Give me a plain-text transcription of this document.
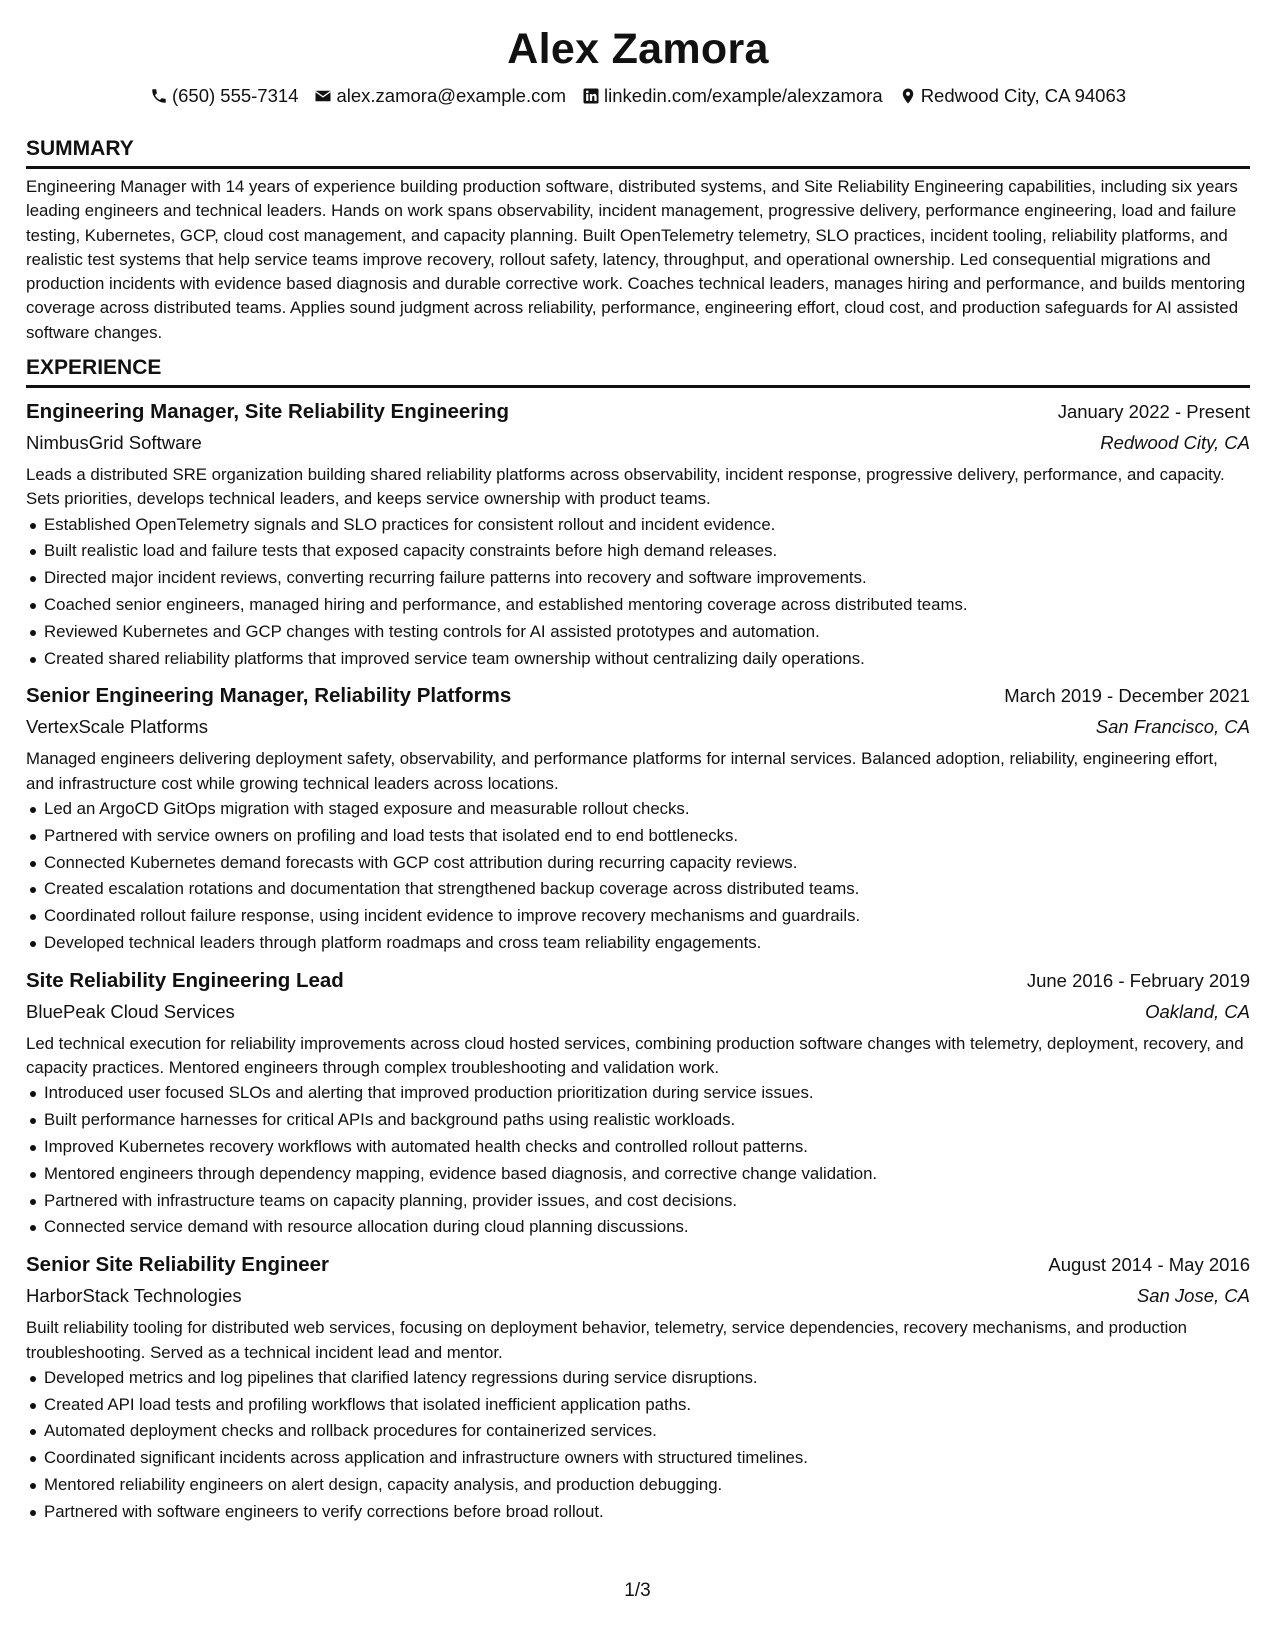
Alex Zamora
(650) 555-7314 alex.zamora@example.com linkedin.com/example/alexzamora Redwood City, CA 94063
SUMMARY

Engineering Manager with 14 years of experience building production software, distributed systems, and Site Reliability Engineering capabilities, including six years leading engineers and technical leaders. Hands on work spans observability, incident management, progressive delivery, performance engineering, load and failure testing, Kubernetes, GCP, cloud cost management, and capacity planning. Built OpenTelemetry telemetry, SLO practices, incident tooling, reliability platforms, and realistic test systems that help service teams improve recovery, rollout safety, latency, throughput, and operational ownership. Led consequential migrations and production incidents with evidence based diagnosis and durable corrective work. Coaches technical leaders, manages hiring and performance, and builds mentoring coverage across distributed teams. Applies sound judgment across reliability, performance, engineering effort, cloud cost, and production safeguards for AI assisted software changes.

EXPERIENCE
Engineering Manager, Site Reliability Engineering	January 2022 - Present
NimbusGrid Software	Redwood City, CA

Leads a distributed SRE organization building shared reliability platforms across observability, incident response, progressive delivery, performance, and capacity. Sets priorities, develops technical leaders, and keeps service ownership with product teams.

Established OpenTelemetry signals and SLO practices for consistent rollout and incident evidence.
Built realistic load and failure tests that exposed capacity constraints before high demand releases.
Directed major incident reviews, converting recurring failure patterns into recovery and software improvements.
Coached senior engineers, managed hiring and performance, and established mentoring coverage across distributed teams.
Reviewed Kubernetes and GCP changes with testing controls for AI assisted prototypes and automation.
Created shared reliability platforms that improved service team ownership without centralizing daily operations.
Senior Engineering Manager, Reliability Platforms	March 2019 - December 2021
VertexScale Platforms	San Francisco, CA

Managed engineers delivering deployment safety, observability, and performance platforms for internal services. Balanced adoption, reliability, engineering effort, and infrastructure cost while growing technical leaders across locations.

Led an ArgoCD GitOps migration with staged exposure and measurable rollout checks.
Partnered with service owners on profiling and load tests that isolated end to end bottlenecks.
Connected Kubernetes demand forecasts with GCP cost attribution during recurring capacity reviews.
Created escalation rotations and documentation that strengthened backup coverage across distributed teams.
Coordinated rollout failure response, using incident evidence to improve recovery mechanisms and guardrails.
Developed technical leaders through platform roadmaps and cross team reliability engagements.
Site Reliability Engineering Lead	June 2016 - February 2019
BluePeak Cloud Services	Oakland, CA

Led technical execution for reliability improvements across cloud hosted services, combining production software changes with telemetry, deployment, recovery, and capacity practices. Mentored engineers through complex troubleshooting and validation work.

Introduced user focused SLOs and alerting that improved production prioritization during service issues.
Built performance harnesses for critical APIs and background paths using realistic workloads.
Improved Kubernetes recovery workflows with automated health checks and controlled rollout patterns.
Mentored engineers through dependency mapping, evidence based diagnosis, and corrective change validation.
Partnered with infrastructure teams on capacity planning, provider issues, and cost decisions.
Connected service demand with resource allocation during cloud planning discussions.
Senior Site Reliability Engineer	August 2014 - May 2016
HarborStack Technologies	San Jose, CA

Built reliability tooling for distributed web services, focusing on deployment behavior, telemetry, service dependencies, recovery mechanisms, and production troubleshooting. Served as a technical incident lead and mentor.

Developed metrics and log pipelines that clarified latency regressions during service disruptions.
Created API load tests and profiling workflows that isolated inefficient application paths.
Automated deployment checks and rollback procedures for containerized services.
Coordinated significant incidents across application and infrastructure owners with structured timelines.
Mentored reliability engineers on alert design, capacity analysis, and production debugging.
Partnered with software engineers to verify corrections before broad rollout.
1/3
